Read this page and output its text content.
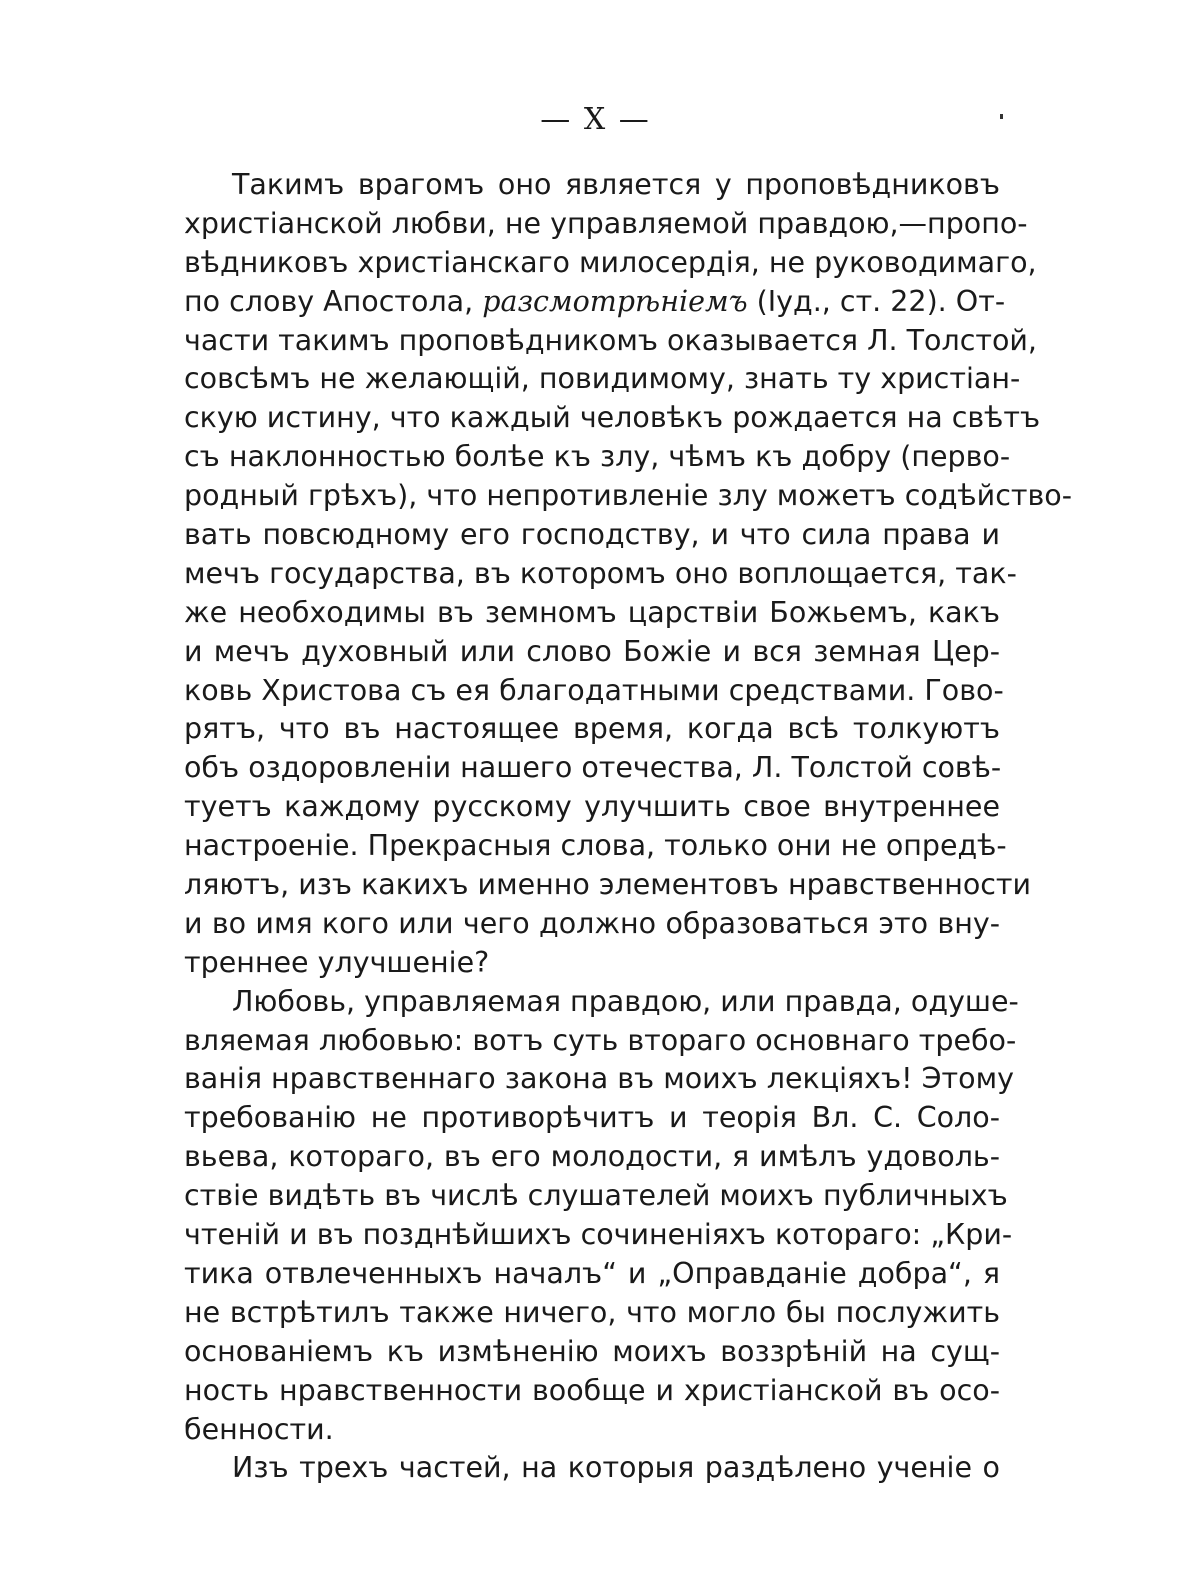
— X —
Такимъ врагомъ оно является у проповѣдниковъ
христіанской любви, не управляемой правдою,—пропо-
вѣдниковъ христіанскаго милосердія, не руководимаго,
по слову Апостола, разсмотрѣніемъ (Іуд., ст. 22). От-
части такимъ проповѣдникомъ оказывается Л. Толстой,
совсѣмъ не желающій, повидимому, знать ту христіан-
скую истину, что каждый человѣкъ рождается на свѣтъ
съ наклонностью болѣе къ злу, чѣмъ къ добру (перво-
родный грѣхъ), что непротивленіе злу можетъ содѣйство-
вать повсюдному его господству, и что сила права и
мечъ государства, въ которомъ оно воплощается, так-
же необходимы въ земномъ царствіи Божьемъ, какъ
и мечъ духовный или слово Божіе и вся земная Цер-
ковь Христова съ ея благодатными средствами. Гово-
рятъ, что въ настоящее время, когда всѣ толкуютъ
объ оздоровленіи нашего отечества, Л. Толстой совѣ-
туетъ каждому русскому улучшить свое внутреннее
настроеніе. Прекрасныя слова, только они не опредѣ-
ляютъ, изъ какихъ именно элементовъ нравственности
и во имя кого или чего должно образоваться это вну-
треннее улучшеніе?
Любовь, управляемая правдою, или правда, одуше-
вляемая любовью: вотъ суть вторaго основнаго требо-
ванія нравственнаго закона въ моихъ лекціяхъ! Этому
требованію не противорѣчитъ и теорія Вл. С. Соло-
вьева, котораго, въ его молодости, я имѣлъ удоволь-
ствіе видѣть въ числѣ слушателей моихъ публичныхъ
чтеній и въ позднѣйшихъ сочиненіяхъ котораго: „Кри-
тика отвлеченныхъ началъ“ и „Оправданіе добра“, я
не встрѣтилъ также ничего, что могло бы послужить
основаніемъ къ измѣненію моихъ воззрѣній на сущ-
ность нравственности вообще и христіанской въ осо-
бенности.
Изъ трехъ частей, на которыя раздѣлено ученіе о
